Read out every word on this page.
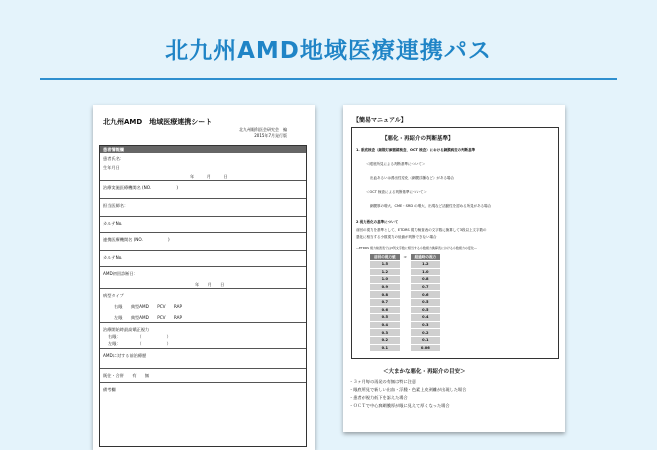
北九州AMD地域医療連携パス
北九州AMD　地域医療連携シート
北九州眼科医会研究会　編
2015年7月発行版
患者情報欄
患者氏名：
生年月日
年　　　月　　　日
治療実施医療機関名 (NO.　　　　　　)
担当医師名：
カルテNo.
連携医療機関名 (NO.　　　　　　)
カルテNo.
AMD初回診断日：
年　　月　　日
病型タイプ
右眼　　典型AMD　　PCV　　RAP
左眼　　典型AMD　　PCV　　RAP
治療開始時最高矯正視力
右眼：　　　　　（　　　　　　）
左眼：　　　　　（　　　　　　）
AMDに対する前治療歴
既往・合併　　有　　無
備考欄
【簡易マニュアル】
【悪化・再紹介の判断基準】
1. 眼底検査（細隙灯顕微鏡検査、OCT 検査）における網膜病変の判断基準
＜眼底所見による判断基準について＞
出血あるいは滲出性変化（網膜浮腫など）がある場合
＜OCT 検査による判断基準について＞
網膜厚の増大、CME・SRD の増大、出現など活動性を認める所見がある場合
2 視力悪化の基準について
前回の視力を基準として、ETDRS 視力検査表の文字数に換算して3段以上文字数の
悪化に相当する小数視力の低値が判断できない場合
―ETDRS 視力検査表では3列文字数に相当する小数視力換算表における小数視力の変化―
前回の視力値	⇒	経過時の視力
1.5		1.2
1.2		1.0
1.0		0.8
0.9		0.7
0.8		0.6
0.7		0.5
0.6		0.5
0.5		0.4
0.4		0.3
0.3		0.2
0.2		0.1
0.1		0.06
＜大まかな悪化・再紹介の目安＞
・３ヶ月毎の再発の有無は特に注意
・眼底所見で新しい出血・浮腫・色素上皮剥離が出現した場合
・患者が視力低下を訴えた場合
・ＯＣＴで中心窩網膜厚が眼に見えて厚くなった場合
